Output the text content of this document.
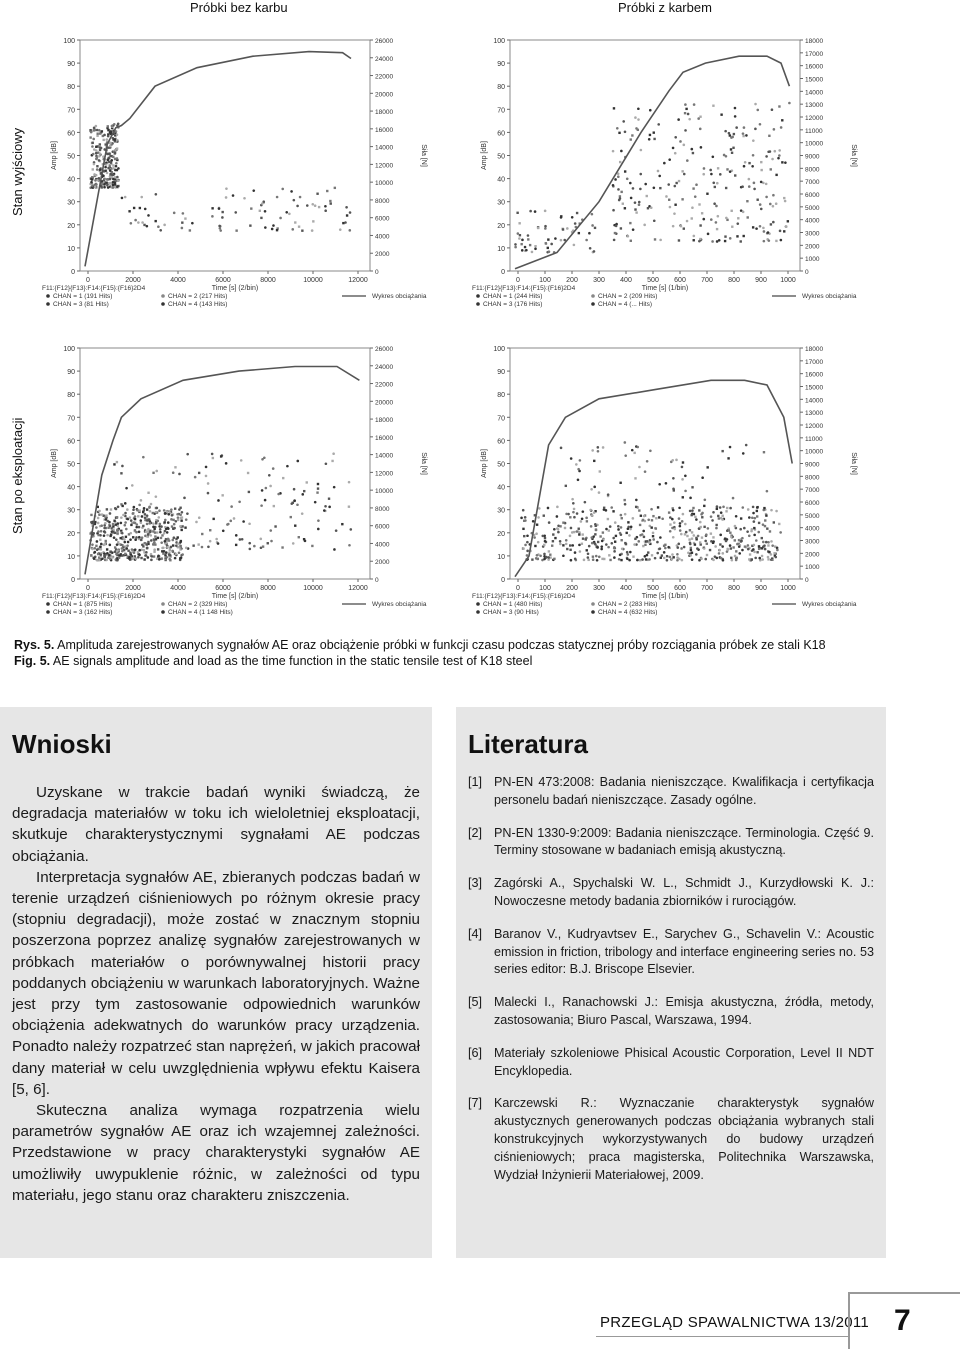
Próbki bez karbu	Próbki z karbem
Stan wyjściowy
Stan po eksploatacji
0
10
20
30
40
50
60
70
80
90
100
0
2000
4000
6000
8000
10000
12000
14000
16000
18000
20000
22000
24000
26000
0	2000	4000	6000	8000	10000	12000
Amp [dB]	Siła [N]
Time [s] (2/bin)
F11:{F12}{F13}:F14:{F15}:{F16}2D4
Wykres obciążania
CHAN = 1 (191 Hits)	CHAN = 2 (217 Hits)
CHAN = 3 (81 Hits)	CHAN = 4 (143 Hits)
0
10
20
30
40
50
60
70
80
90
100
0
1000
2000
3000
4000
5000
6000
7000
8000
9000
10000
11000
12000
13000
14000
15000
16000
17000
18000
0	100 200 300 400 500 600 700 800 900 1000
Amp [dB]	Siła [N]
Time [s] (1/bin)
F11:{F12}{F13}:F14:{F15}:{F16}2D4
Wykres obciążania
CHAN = 1 (244 Hits)	CHAN = 2 (209 Hits)
CHAN = 3 (176 Hits)	CHAN = 4 (... Hits)
0
10
20
30
40
50
60
70
80
90
100
0
2000
4000
6000
8000
10000
12000
14000
16000
18000
20000
22000
24000
26000
0	2000	4000	6000	8000	10000	12000
Amp [dB]	Siła [N]
Time [s] (2/bin)
F11:{F12}{F13}:F14:{F15}:{F16}2D4
Wykres obciążania
CHAN = 1 (875 Hits)	CHAN = 2 (329 Hits)
CHAN = 3 (162 Hits)	CHAN = 4 (1 148 Hits)
0
10
20
30
40
50
60
70
80
90
100
0
1000
2000
3000
4000
5000
6000
7000
8000
9000
10000
11000
12000
13000
14000
15000
16000
17000
18000
0	100 200 300 400 500 600 700 800 900 1000
Amp [dB]	Siła [N]
Time [s] (1/bin)
F11:{F12}{F13}:F14:{F15}:{F16}2D4
Wykres obciążania
CHAN = 1 (480 Hits)	CHAN = 2 (283 Hits)
CHAN = 3 (90 Hits)	CHAN = 4 (632 Hits)
Rys. 5. Amplituda zarejestrowanych sygnałów AE oraz obciążenie próbki w funkcji czasu podczas statycznej próby rozciągania próbek ze stali K18
Fig. 5. AE signals amplitude and load as the time function in the static tensile test of K18 steel
Wnioski

Uzyskane w trakcie badań wyniki świadczą, że degradacja materiałów w toku ich wieloletniej eksploatacji, skutkuje charakterystycznymi sygnałami AE podczas obciążania.

Interpretacja sygnałów AE, zbieranych podczas badań w terenie urządzeń ciśnieniowych po różnym okresie pracy (stopniu degradacji), może zostać w znacznym stopniu poszerzona poprzez analizę sygnałów zarejestrowanych w próbkach materiałów o porównywalnej historii pracy poddanych obciążeniu w warunkach laboratoryjnych. Ważne jest przy tym zastosowanie odpowiednich warunków obciążenia adekwatnych do warunków pracy urządzenia. Ponadto należy rozpatrzeć stan naprężeń, w jakich pracował dany materiał w celu uwzględnienia wpływu efektu Kaisera [5, 6].

Skuteczna analiza wymaga rozpatrzenia wielu parametrów sygnałów AE oraz ich wzajemnej zależności. Przedstawione w pracy charakterystyki sygnałów AE umożliwiły uwypuklenie różnic, w zależności od typu materiału, jego stanu oraz charakteru zniszczenia.

Literatura
[1] PN-EN 473:2008: Badania nieniszczące. Kwalifikacja i certyfikacja personelu badań nieniszczące. Zasady ogólne.
[2] PN-EN 1330-9:2009: Badania nieniszczące. Terminologia. Część 9. Terminy stosowane w badaniach emisją akustyczną.
[3] Zagórski A., Spychalski W. L., Schmidt J., Kurzydłowski K. J.: Nowoczesne metody badania zbiorników i rurociągów.
[4] Baranov V., Kudryavtsev E., Sarychev G., Schavelin V.: Acoustic emission in friction, tribology and interface engineering series no. 53 series editor: B.J. Briscope Elsevier.
[5] Malecki I., Ranachowski J.: Emisja akustyczna, źródła, metody, zastosowania; Biuro Pascal, Warszawa, 1994.
[6] Materiały szkoleniowe Phisical Acoustic Corporation, Level II NDT Encyklopedia.
[7] Karczewski R.: Wyznaczanie charakterystyk sygnałów akustycznych generowanych podczas obciążania wybranych stali konstrukcyjnych wykorzystywanych do budowy urządzeń ciśnieniowych; praca magisterska, Politechnika Warszawska, Wydział Inżynierii Materiałowej, 2009.
PRZEGLĄD SPAWALNICTWA 13/2011 7
